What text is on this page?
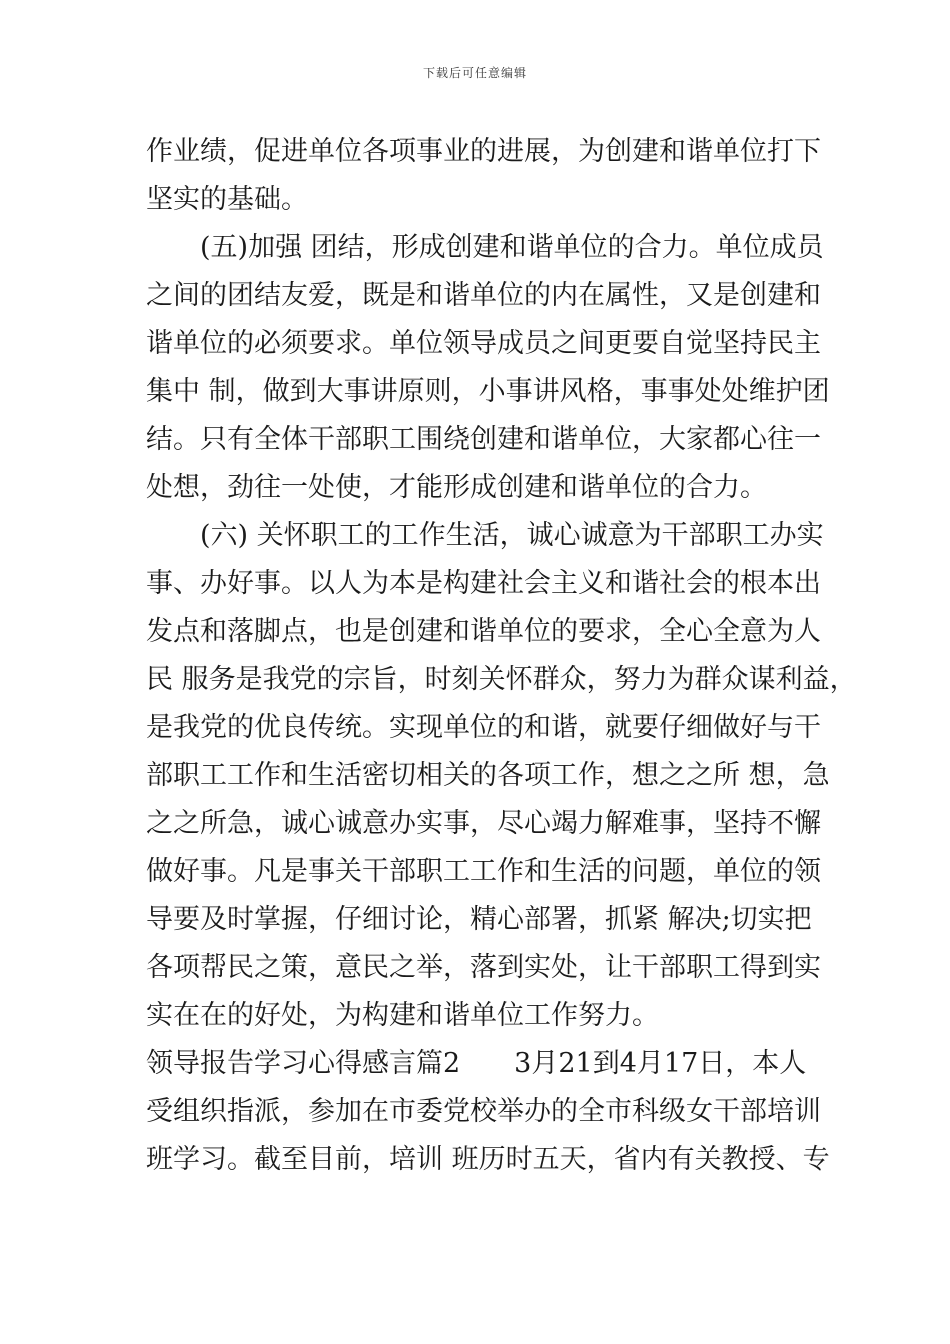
下载后可任意编辑
作业绩，促进单位各项事业的进展，为创建和谐单位打下
坚实的基础。
　　(五)加强 团结，形成创建和谐单位的合力。单位成员
之间的团结友爱，既是和谐单位的内在属性，又是创建和
谐单位的必须要求。单位领导成员之间更要自觉坚持民主
集中 制，做到大事讲原则，小事讲风格，事事处处维护团
结。只有全体干部职工围绕创建和谐单位，大家都心往一
处想，劲往一处使，才能形成创建和谐单位的合力。
　　(六) 关怀职工的工作生活，诚心诚意为干部职工办实
事、办好事。以人为本是构建社会主义和谐社会的根本出
发点和落脚点，也是创建和谐单位的要求，全心全意为人
民 服务是我党的宗旨，时刻关怀群众，努力为群众谋利益，
是我党的优良传统。实现单位的和谐，就要仔细做好与干
部职工工作和生活密切相关的各项工作，想之之所 想，急
之之所急，诚心诚意办实事，尽心竭力解难事，坚持不懈
做好事。凡是事关干部职工工作和生活的问题，单位的领
导要及时掌握，仔细讨论，精心部署，抓紧 解决;切实把
各项帮民之策，意民之举，落到实处，让干部职工得到实
实在在的好处，为构建和谐单位工作努力。
领导报告学习心得感言篇2　　3月21到4月17日，本人
受组织指派，参加在市委党校举办的全市科级女干部培训
班学习。截至目前，培训 班历时五天，省内有关教授、专
